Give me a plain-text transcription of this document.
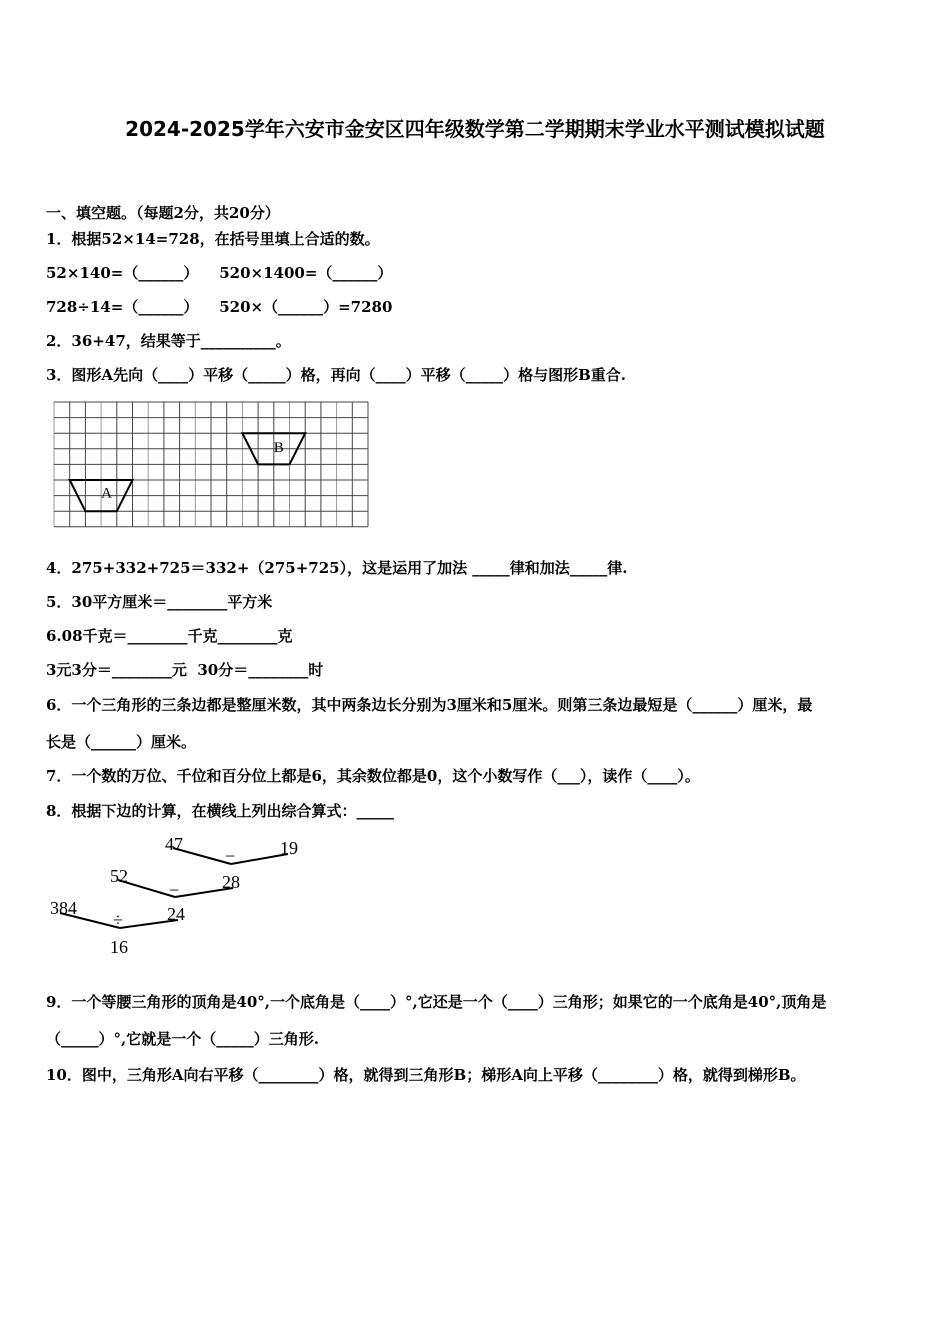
2024-2025学年六安市金安区四年级数学第二学期期末学业水平测试模拟试题
一、填空题。（每题2分，共20分）
1．根据52×14=728，在括号里填上合适的数。
52×140=（______）    520×1400=（______）
728÷14=（______）    520×（______）=7280
2．36+47，结果等于__________。
3．图形A先向（____）平移（_____）格，再向（____）平移（_____）格与图形B重合.
A
B
4．275+332+725＝332+（275+725），这是运用了加法 _____律和加法_____律.
5．30平方厘米＝________平方米
6.08千克＝________千克________克
3元3分＝________元  30分＝________时
6．一个三角形的三条边都是整厘米数，其中两条边长分别为3厘米和5厘米。则第三条边最短是（______）厘米，最
长是（______）厘米。
7．一个数的万位、千位和百分位上都是6，其余数位都是0，这个小数写作（___），读作（____）。
8．根据下边的计算，在横线上列出综合算式：_____
47	19
−
28
52
−
24
384
÷
16
9．一个等腰三角形的顶角是40°,一个底角是（____）°,它还是一个（____）三角形；如果它的一个底角是40°,顶角是
（_____）°,它就是一个（_____）三角形.
10．图中，三角形A向右平移（________）格，就得到三角形B；梯形A向上平移（________）格，就得到梯形B。
